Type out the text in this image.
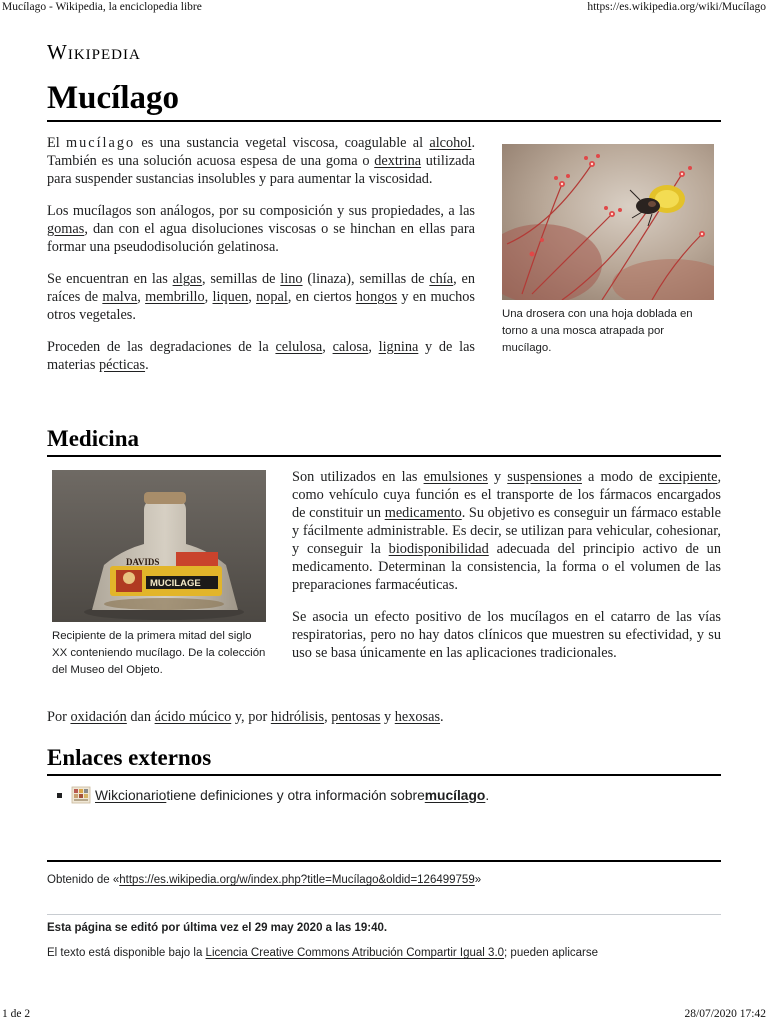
Mucílago - Wikipedia, la enciclopedia libre	https://es.wikipedia.org/wiki/Mucílago
Wikipedia
Mucílago

El mucílago es una sustancia vegetal viscosa, coagulable al alcohol. También es una solución acuosa espesa de una goma o dextrina utilizada para suspender sustancias insolubles y para aumentar la viscosidad.

Los mucílagos son análogos, por su composición y sus propiedades, a las gomas, dan con el agua disoluciones viscosas o se hinchan en ellas para formar una pseudodisolución gelatinosa.

Se encuentran en las algas, semillas de lino (linaza), semillas de chía, en raíces de malva, membrillo, liquen, nopal, en ciertos hongos y en muchos otros vegetales.

Proceden de las degradaciones de la celulosa, calosa, lignina y de las materias pécticas.

Una drosera con una hoja doblada en torno a una mosca atrapada por mucílago.
Medicina
DAVIDS
MUCILAGE
Recipiente de la primera mitad del siglo XX conteniendo mucílago. De la colección del Museo del Objeto.

Son utilizados en las emulsiones y suspensiones a modo de excipiente, como vehículo cuya función es el transporte de los fármacos encargados de constituir un medicamento. Su objetivo es conseguir un fármaco estable y fácilmente administrable. Es decir, se utilizan para vehicular, cohesionar, y conseguir la biodisponibilidad adecuada del principio activo de un medicamento. Determinan la consistencia, la forma o el volumen de las preparaciones farmacéuticas.

Se asocia un efecto positivo de los mucílagos en el catarro de las vías respiratorias, pero no hay datos clínicos que muestren su efectividad, y su uso se basa únicamente en las aplicaciones tradicionales.

Por oxidación dan ácido múcico y, por hidrólisis, pentosas y hexosas.

Enlaces externos
Wikcionario tiene definiciones y otra información sobre mucílago .
Obtenido de «https://es.wikipedia.org/w/index.php?title=Mucílago&oldid=126499759»
Esta página se editó por última vez el 29 may 2020 a las 19:40.
El texto está disponible bajo la Licencia Creative Commons Atribución Compartir Igual 3.0; pueden aplicarse
1 de 2	28/07/2020 17:42
